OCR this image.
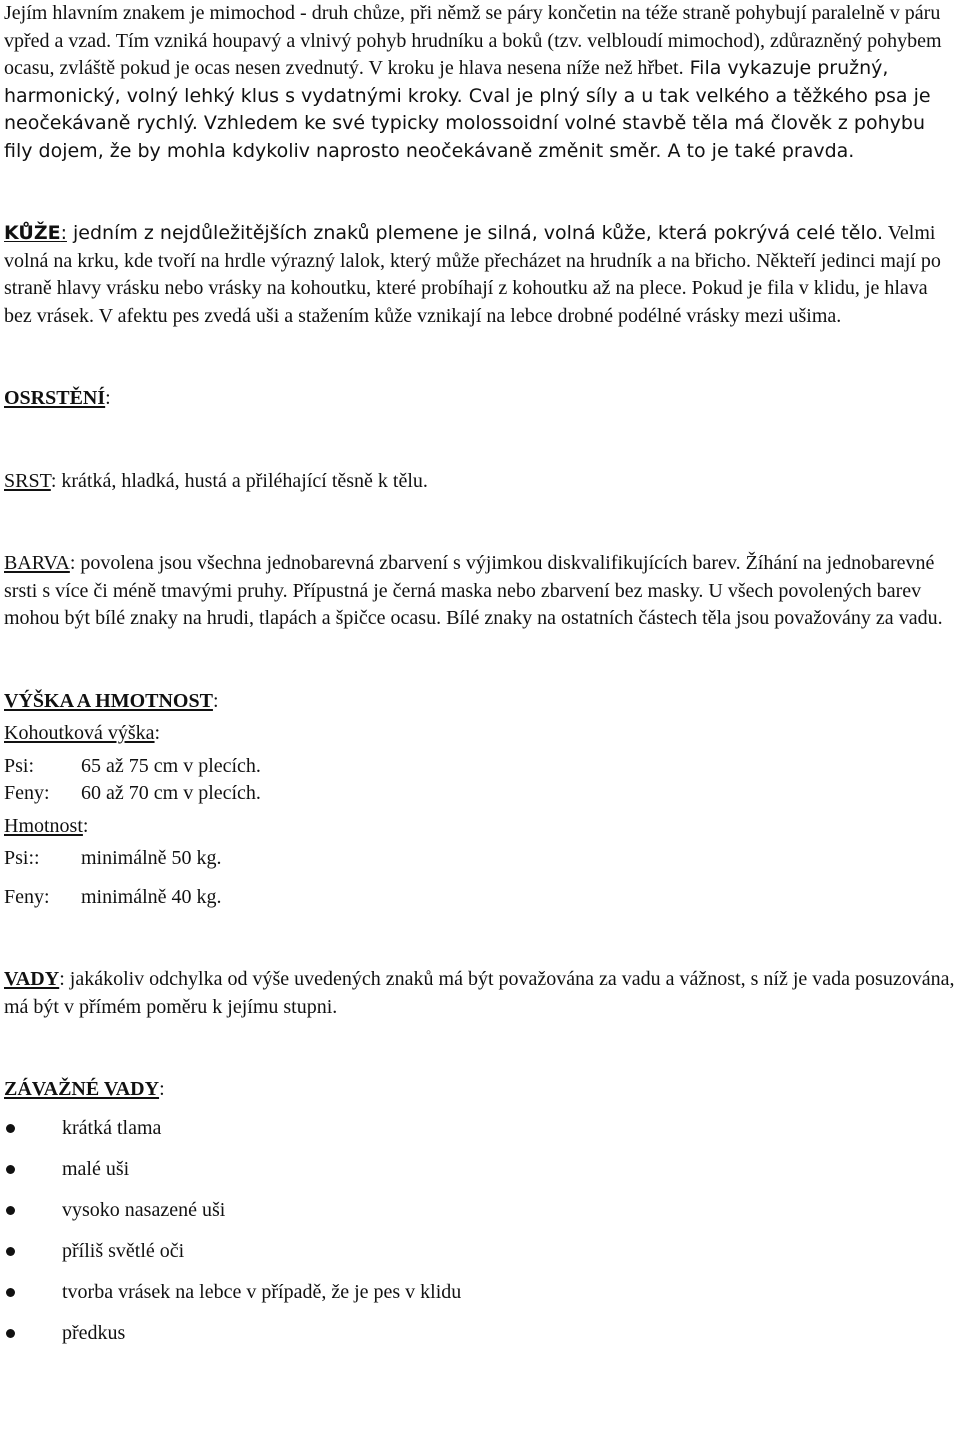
Jejím hlavním znakem je mimochod - druh chůze, při němž se páry končetin na téže straně pohybují paralelně v páru vpřed a vzad. Tím vzniká houpavý a vlnivý pohyb hrudníku a boků (tzv. velbloudí mimochod), zdůrazněný pohybem ocasu, zvláště pokud je ocas nesen zvednutý. V kroku je hlava nesena níže než hřbet. Fila vykazuje pružný, harmonický, volný lehký klus s vydatnými kroky. Cval je plný síly a u tak velkého a těžkého psa je neočekávaně rychlý. Vzhledem ke své typicky molossoidní volné stavbě těla má člověk z pohybu fily dojem, že by mohla kdykoliv naprosto neočekávaně změnit směr. A to je také pravda.

KŮŽE: jedním z nejdůležitějších znaků plemene je silná, volná kůže, která pokrývá celé tělo. Velmi volná na krku, kde tvoří na hrdle výrazný lalok, který může přecházet na hrudník a na břicho. Někteří jedinci mají po straně hlavy vrásku nebo vrásky na kohoutku, které probíhají z kohoutku až na plece. Pokud je fila v klidu, je hlava bez vrásek. V afektu pes zvedá uši a stažením kůže vznikají na lebce drobné podélné vrásky mezi ušima.

OSRSTĚNÍ:

SRST: krátká, hladká, hustá a přiléhající těsně k tělu.

BARVA: povolena jsou všechna jednobarevná zbarvení s výjimkou diskvalifikujících barev. Žíhání na jednobarevné srsti s více či méně tmavými pruhy. Přípustná je černá maska nebo zbarvení bez masky. U všech povolených barev mohou být bílé znaky na hrudi, tlapách a špičce ocasu. Bílé znaky na ostatních částech těla jsou považovány za vadu.

VÝŠKA A HMOTNOST:

Kohoutková výška:

Psi:	65 až 75 cm v plecích.
Feny:	60 až 70 cm v plecích.

Hmotnost:

Psi::	minimálně 50 kg.
Feny:	minimálně 40 kg.

VADY: jakákoliv odchylka od výše uvedených znaků má být považována za vadu a vážnost, s níž je vada posuzována, má být v přímém poměru k jejímu stupni.

ZÁVAŽNÉ VADY:

krátká tlama
malé uši
vysoko nasazené uši
příliš světlé oči
tvorba vrásek na lebce v případě, že je pes v klidu
předkus
